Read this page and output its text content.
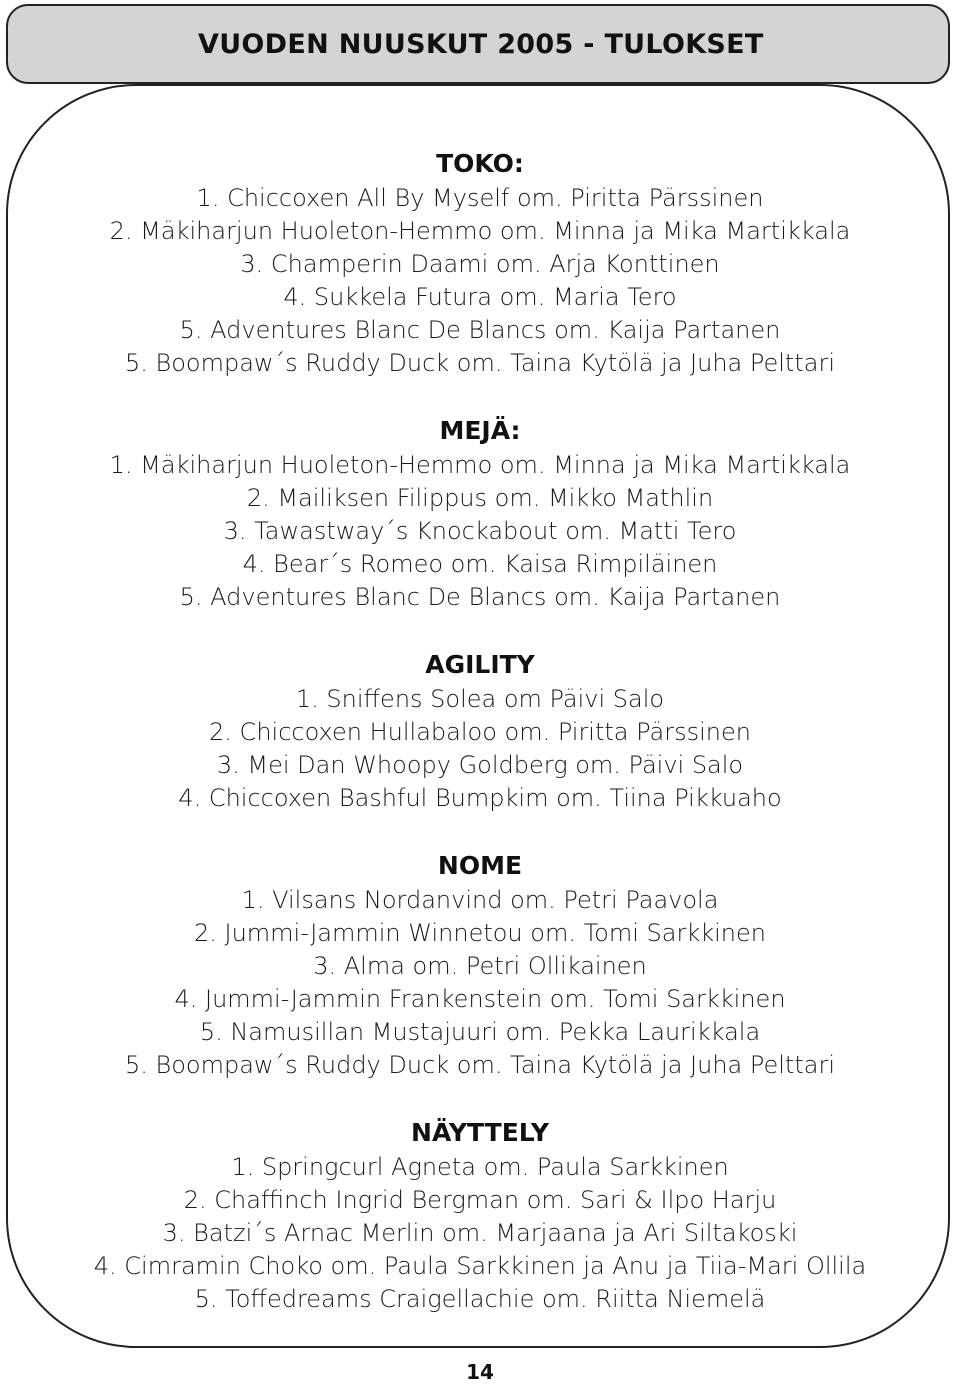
VUODEN NUUSKUT 2005 - TULOKSET
TOKO:
1. Chiccoxen All By Myself om. Piritta Pärssinen
2. Mäkiharjun Huoleton-Hemmo om. Minna ja Mika Martikkala
3. Champerin Daami om. Arja Konttinen
4. Sukkela Futura om. Maria Tero
5. Adventures Blanc De Blancs om. Kaija Partanen
5. Boompaw´s Ruddy Duck om. Taina Kytölä ja Juha Pelttari
MEJÄ:
1. Mäkiharjun Huoleton-Hemmo om. Minna ja Mika Martikkala
2. Mailiksen Filippus om. Mikko Mathlin
3. Tawastway´s Knockabout om. Matti Tero
4. Bear´s Romeo om. Kaisa Rimpiläinen
5. Adventures Blanc De Blancs om. Kaija Partanen
AGILITY
1. Sniffens Solea om Päivi Salo
2. Chiccoxen Hullabaloo om. Piritta Pärssinen
3. Mei Dan Whoopy Goldberg om. Päivi Salo
4. Chiccoxen Bashful Bumpkim om. Tiina Pikkuaho
NOME
1. Vilsans Nordanvind om. Petri Paavola
2. Jummi-Jammin Winnetou om. Tomi Sarkkinen
3. Alma om. Petri Ollikainen
4. Jummi-Jammin Frankenstein om. Tomi Sarkkinen
5. Namusillan Mustajuuri om. Pekka Laurikkala
5. Boompaw´s Ruddy Duck om. Taina Kytölä ja Juha Pelttari
NÄYTTELY
1. Springcurl Agneta om. Paula Sarkkinen
2. Chaffinch Ingrid Bergman om. Sari & Ilpo Harju
3. Batzi´s Arnac Merlin om. Marjaana ja Ari Siltakoski
4. Cimramin Choko om. Paula Sarkkinen ja Anu ja Tiia-Mari Ollila
5. Toffedreams Craigellachie om. Riitta Niemelä
14
